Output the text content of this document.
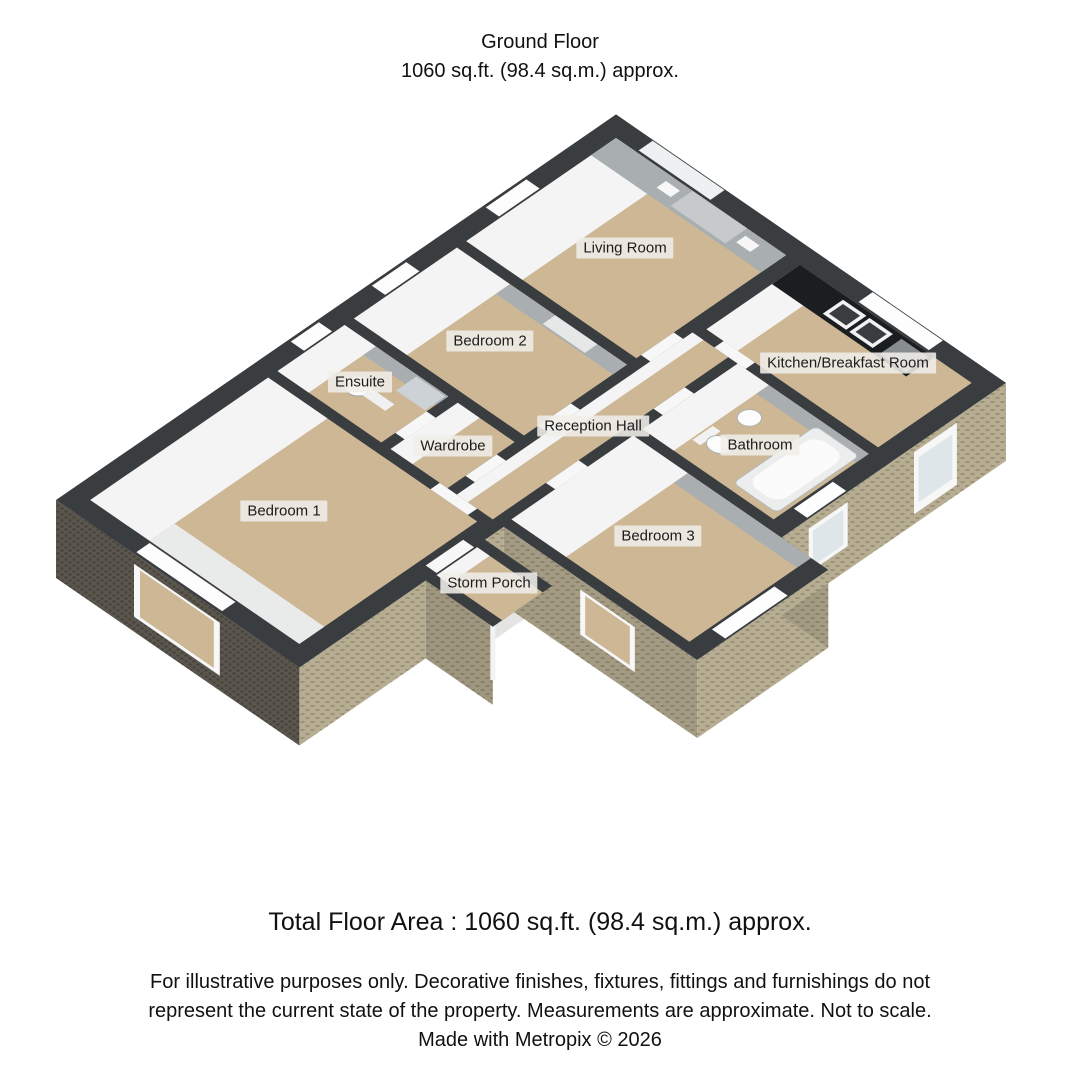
Ground Floor
1060 sq.ft. (98.4 sq.m.) approx.
Living Room
Bedroom 2
Ensuite
Wardrobe
Reception Hall
Kitchen/Breakfast Room
Bedroom 1
Bathroom
Storm Porch
Bedroom 3
Total Floor Area : 1060 sq.ft. (98.4 sq.m.) approx.
For illustrative purposes only. Decorative finishes, fixtures, fittings and furnishings do not
represent the current state of the property. Measurements are approximate. Not to scale.
Made with Metropix © 2026
